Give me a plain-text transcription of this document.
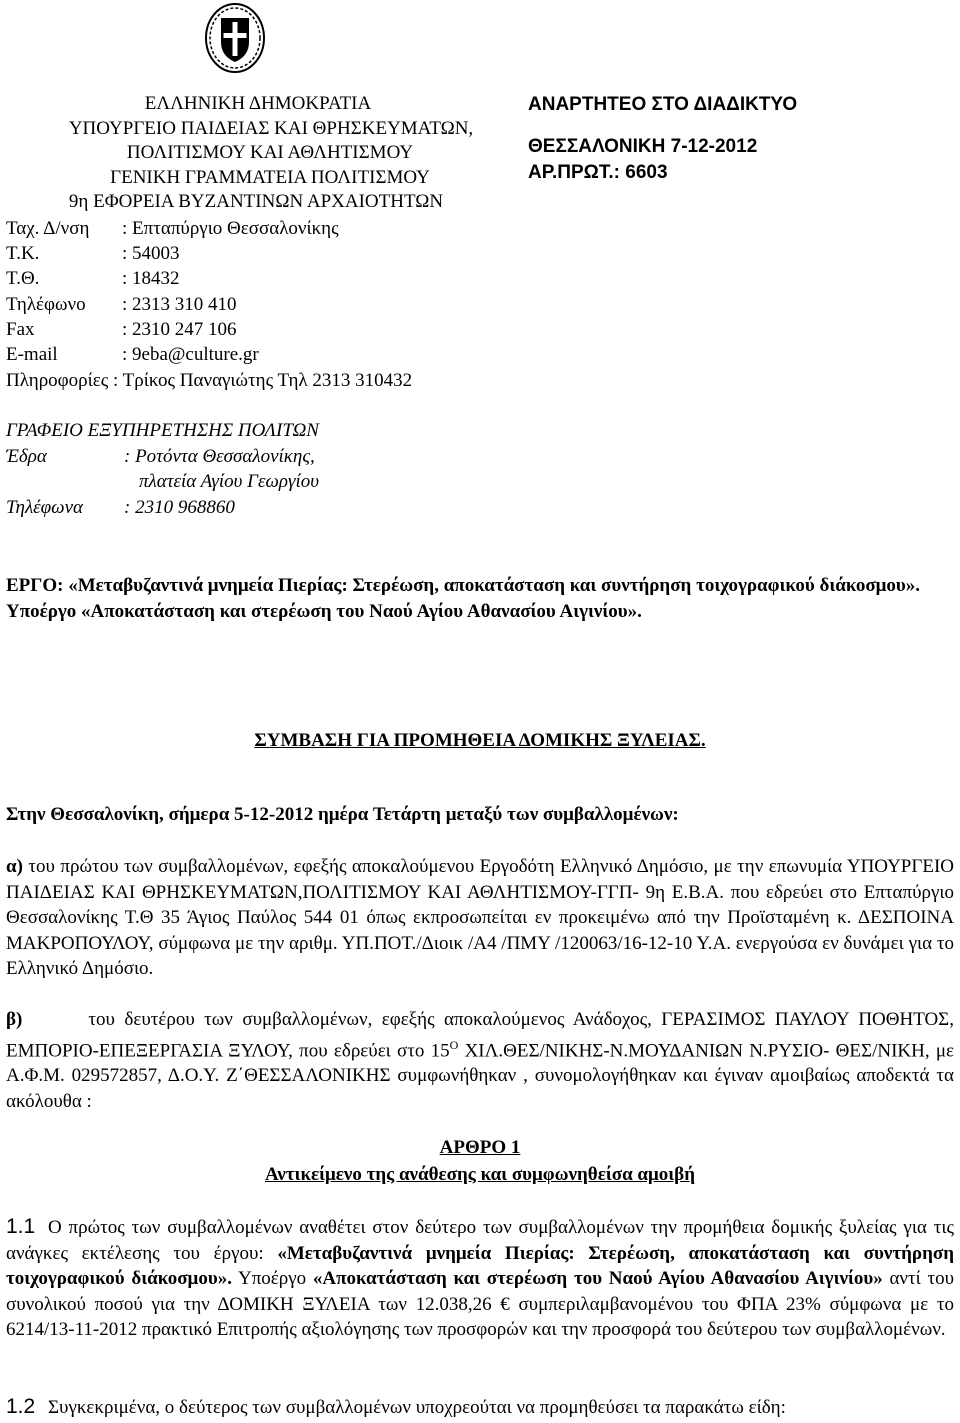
ΕΛΛΗΝΙΚΗ ΔΗΜΟΚΡΑΤΙΑ
ΥΠΟΥΡΓΕΙΟ ΠΑΙΔΕΙΑΣ ΚΑΙ ΘΡΗΣΚΕΥΜΑΤΩΝ,
ΠΟΛΙΤΙΣΜΟΥ ΚΑΙ ΑΘΛΗΤΙΣΜΟΥ
ΓΕΝΙΚΗ ΓΡΑΜΜΑΤΕΙΑ ΠΟΛΙΤΙΣΜΟΥ
9η ΕΦΟΡΕΙΑ ΒΥΖΑΝΤΙΝΩΝ ΑΡΧΑΙΟΤΗΤΩΝ
ΑΝΑΡΤΗΤΕΟ ΣΤΟ ΔΙΑΔΙΚΤΥΟ
ΘΕΣΣΑΛΟΝΙΚΗ 7-12-2012
ΑΡ.ΠΡΩΤ.: 6603
Ταχ. Δ/νση : Επταπύργιο Θεσσαλονίκης
Τ.Κ.	: 54003
Τ.Θ.	: 18432
Τηλέφωνο : 2313 310 410
Fax	: 2310 247 106
E-mail	: 9eba@culture.gr
Πληροφορίες : Τρίκος Παναγιώτης Τηλ 2313 310432
ΓΡΑΦΕΙΟ ΕΞΥΠΗΡΕΤΗΣΗΣ ΠΟΛΙΤΩΝ
Έδρα	: Ροτόντα Θεσσαλονίκης,
πλατεία Αγίου Γεωργίου
Τηλέφωνα : 2310 968860
ΕΡΓΟ: «Μεταβυζαντινά μνημεία Πιερίας: Στερέωση, αποκατάσταση και συντήρηση τοιχογραφικού διάκοσμου». Υποέργο «Αποκατάσταση και στερέωση του Ναού Αγίου Αθανασίου Αιγινίου».
ΣΥΜΒΑΣΗ ΓΙΑ ΠΡΟΜΗΘΕΙΑ ΔΟΜΙΚΗΣ ΞΥΛΕΙΑΣ.
Στην Θεσσαλονίκη, σήμερα 5-12-2012 ημέρα Τετάρτη μεταξύ των συμβαλλομένων:
α) του πρώτου των συμβαλλομένων, εφεξής αποκαλούμενου Εργοδότη Ελληνικό Δημόσιο, με την επωνυμία ΥΠΟΥΡΓΕΙΟ ΠΑΙΔΕΙΑΣ ΚΑΙ ΘΡΗΣΚΕΥΜΑΤΩΝ,ΠΟΛΙΤΙΣΜΟΥ ΚΑΙ ΑΘΛΗΤΙΣΜΟΥ-ΓΓΠ- 9η Ε.Β.Α. που εδρεύει στο Επταπύργιο Θεσσαλονίκης Τ.Θ 35 Άγιος Παύλος 544 01 όπως εκπροσωπείται εν προκειμένω από την Προϊσταμένη κ. ΔΕΣΠΟΙΝΑ ΜΑΚΡΟΠΟΥΛΟΥ, σύμφωνα με την αριθμ. ΥΠ.ΠΟΤ./Διοικ /Α4 /ΠΜΥ /120063/16-12-10 Υ.Α. ενεργούσα εν δυνάμει για το Ελληνικό Δημόσιο.
β)	του δευτέρου των συμβαλλομένων, εφεξής αποκαλούμενος Ανάδοχος, ΓΕΡΑΣΙΜΟΣ ΠΑΥΛΟΥ ΠΟΘΗΤΟΣ, ΕΜΠΟΡΙΟ-ΕΠΕΞΕΡΓΑΣΙΑ ΞΥΛΟΥ, που εδρεύει στο $15^O$ ΧΙΛ.ΘΕΣ/ΝΙΚΗΣ-Ν.ΜΟΥΔΑΝΙΩΝ Ν.ΡΥΣΙΟ- ΘΕΣ/ΝΙΚΗ, με Α.Φ.Μ. 029572857, Δ.Ο.Υ. Ζ΄ΘΕΣΣΑΛΟΝΙΚΗΣ συμφωνήθηκαν , συνομολογήθηκαν και έγιναν αμοιβαίως αποδεκτά τα ακόλουθα :
ΑΡΘΡΟ 1
Αντικείμενο της ανάθεσης και συμφωνηθείσα αμοιβή
1.1 Ο πρώτος των συμβαλλομένων αναθέτει στον δεύτερο των συμβαλλομένων την προμήθεια δομικής ξυλείας για τις ανάγκες εκτέλεσης του έργου: «Μεταβυζαντινά μνημεία Πιερίας: Στερέωση, αποκατάσταση και συντήρηση τοιχογραφικού διάκοσμου». Υποέργο «Αποκατάσταση και στερέωση του Ναού Αγίου Αθανασίου Αιγινίου» αντί του συνολικού ποσού για την ΔΟΜΙΚΗ ΞΥΛΕΙΑ των 12.038,26 € συμπεριλαμβανομένου του ΦΠΑ 23% σύμφωνα με το 6214/13-11-2012 πρακτικό Επιτροπής αξιολόγησης των προσφορών και την προσφορά του δεύτερου των συμβαλλομένων.
1.2 Συγκεκριμένα, ο δεύτερος των συμβαλλομένων υποχρεούται να προμηθεύσει τα παρακάτω είδη:
